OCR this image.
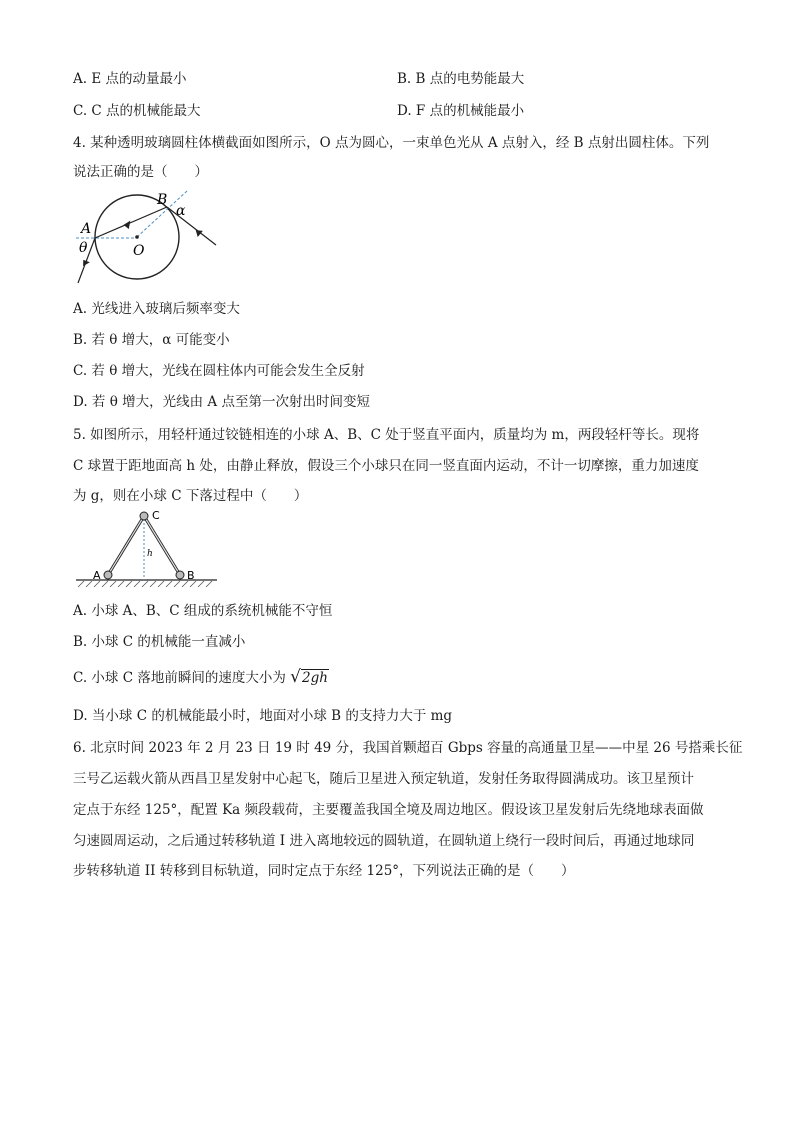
A. E 点的动量最小	B. B 点的电势能最大
C. C 点的机械能最大	D. F 点的机械能最小
4. 某种透明玻璃圆柱体横截面如图所示，O 点为圆心，一束单色光从 A 点射入，经 B 点射出圆柱体。下列
说法正确的是（　　）
A
θ	O
B
α
A. 光线进入玻璃后频率变大
B. 若 θ 增大，α 可能变小
C. 若 θ 增大，光线在圆柱体内可能会发生全反射
D. 若 θ 增大，光线由 A 点至第一次射出时间变短
5. 如图所示，用轻杆通过铰链相连的小球 A、B、C 处于竖直平面内，质量均为 m，两段轻杆等长。现将
C 球置于距地面高 h 处，由静止释放，假设三个小球只在同一竖直面内运动，不计一切摩擦，重力加速度
为 g，则在小球 C 下落过程中（　　）
C
h
A	B
A. 小球 A、B、C 组成的系统机械能不守恒
B. 小球 C 的机械能一直减小
C. 小球 C 落地前瞬间的速度大小为 √2gh
D. 当小球 C 的机械能最小时，地面对小球 B 的支持力大于 mg
6. 北京时间 2023 年 2 月 23 日 19 时 49 分，我国首颗超百 Gbps 容量的高通量卫星——中星 26 号搭乘长征
三号乙运载火箭从西昌卫星发射中心起飞，随后卫星进入预定轨道，发射任务取得圆满成功。该卫星预计
定点于东经 125°，配置 Ka 频段载荷，主要覆盖我国全境及周边地区。假设该卫星发射后先绕地球表面做
匀速圆周运动，之后通过转移轨道 I 进入离地较远的圆轨道，在圆轨道上绕行一段时间后，再通过地球同
步转移轨道 II 转移到目标轨道，同时定点于东经 125°，下列说法正确的是（　　）
